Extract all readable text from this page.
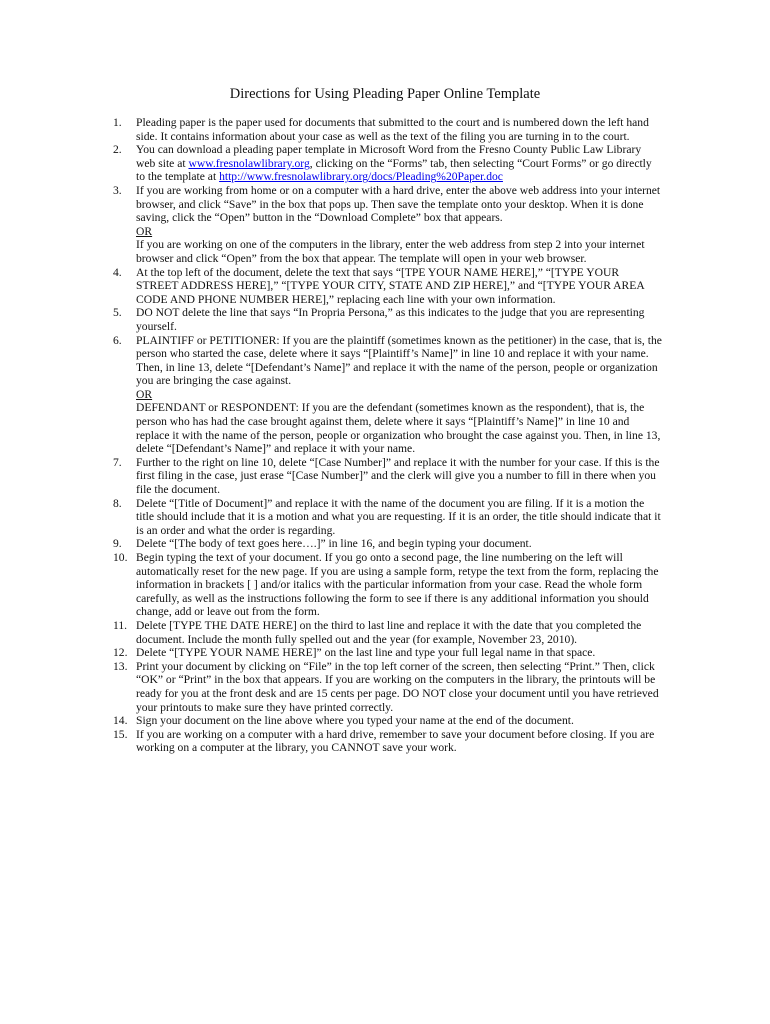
Directions for Using Pleading Paper Online Template
1.	Pleading paper is the paper used for documents that submitted to the court and is numbered down the left hand side. It contains information about your case as well as the text of the filing you are turning in to the court.
2.	You can download a pleading paper template in Microsoft Word from the Fresno County Public Law Library web site at www.fresnolawlibrary.org, clicking on the “Forms” tab, then selecting “Court Forms” or go directly to the template at http://www.fresnolawlibrary.org/docs/Pleading%20Paper.doc
3.	If you are working from home or on a computer with a hard drive, enter the above web address into your internet browser, and click “Save” in the box that pops up. Then save the template onto your desktop. When it is done saving, click the “Open” button in the “Download Complete” box that appears.
OR
If you are working on one of the computers in the library, enter the web address from step 2 into your internet browser and click “Open” from the box that appear. The template will open in your web browser.
4.	At the top left of the document, delete the text that says “[TPE YOUR NAME HERE],” “[TYPE YOUR STREET ADDRESS HERE],” “[TYPE YOUR CITY, STATE AND ZIP HERE],” and “[TYPE YOUR AREA CODE AND PHONE NUMBER HERE],” replacing each line with your own information.
5.	DO NOT delete the line that says “In Propria Persona,” as this indicates to the judge that you are representing yourself.
6.	PLAINTIFF or PETITIONER: If you are the plaintiff (sometimes known as the petitioner) in the case, that is, the person who started the case, delete where it says “[Plaintiff’s Name]” in line 10 and replace it with your name. Then, in line 13, delete “[Defendant’s Name]” and replace it with the name of the person, people or organization you are bringing the case against.
OR
DEFENDANT or RESPONDENT: If you are the defendant (sometimes known as the respondent), that is, the person who has had the case brought against them, delete where it says “[Plaintiff’s Name]” in line 10 and replace it with the name of the person, people or organization who brought the case against you. Then, in line 13, delete “[Defendant’s Name]” and replace it with your name.
7.	Further to the right on line 10, delete “[Case Number]” and replace it with the number for your case. If this is the first filing in the case, just erase “[Case Number]” and the clerk will give you a number to fill in there when you file the document.
8.	Delete “[Title of Document]” and replace it with the name of the document you are filing. If it is a motion the title should include that it is a motion and what you are requesting. If it is an order, the title should indicate that it is an order and what the order is regarding.
9.	Delete “[The body of text goes here….]” in line 16, and begin typing your document.
10. Begin typing the text of your document. If you go onto a second page, the line numbering on the left will automatically reset for the new page. If you are using a sample form, retype the text from the form, replacing the information in brackets [ ] and/or italics with the particular information from your case. Read the whole form carefully, as well as the instructions following the form to see if there is any additional information you should change, add or leave out from the form.
11. Delete [TYPE THE DATE HERE] on the third to last line and replace it with the date that you completed the document. Include the month fully spelled out and the year (for example, November 23, 2010).
12. Delete “[TYPE YOUR NAME HERE]” on the last line and type your full legal name in that space.
13. Print your document by clicking on “File” in the top left corner of the screen, then selecting “Print.” Then, click “OK” or “Print” in the box that appears. If you are working on the computers in the library, the printouts will be ready for you at the front desk and are 15 cents per page. DO NOT close your document until you have retrieved your printouts to make sure they have printed correctly.
14. Sign your document on the line above where you typed your name at the end of the document.
15. If you are working on a computer with a hard drive, remember to save your document before closing. If you are working on a computer at the library, you CANNOT save your work.
